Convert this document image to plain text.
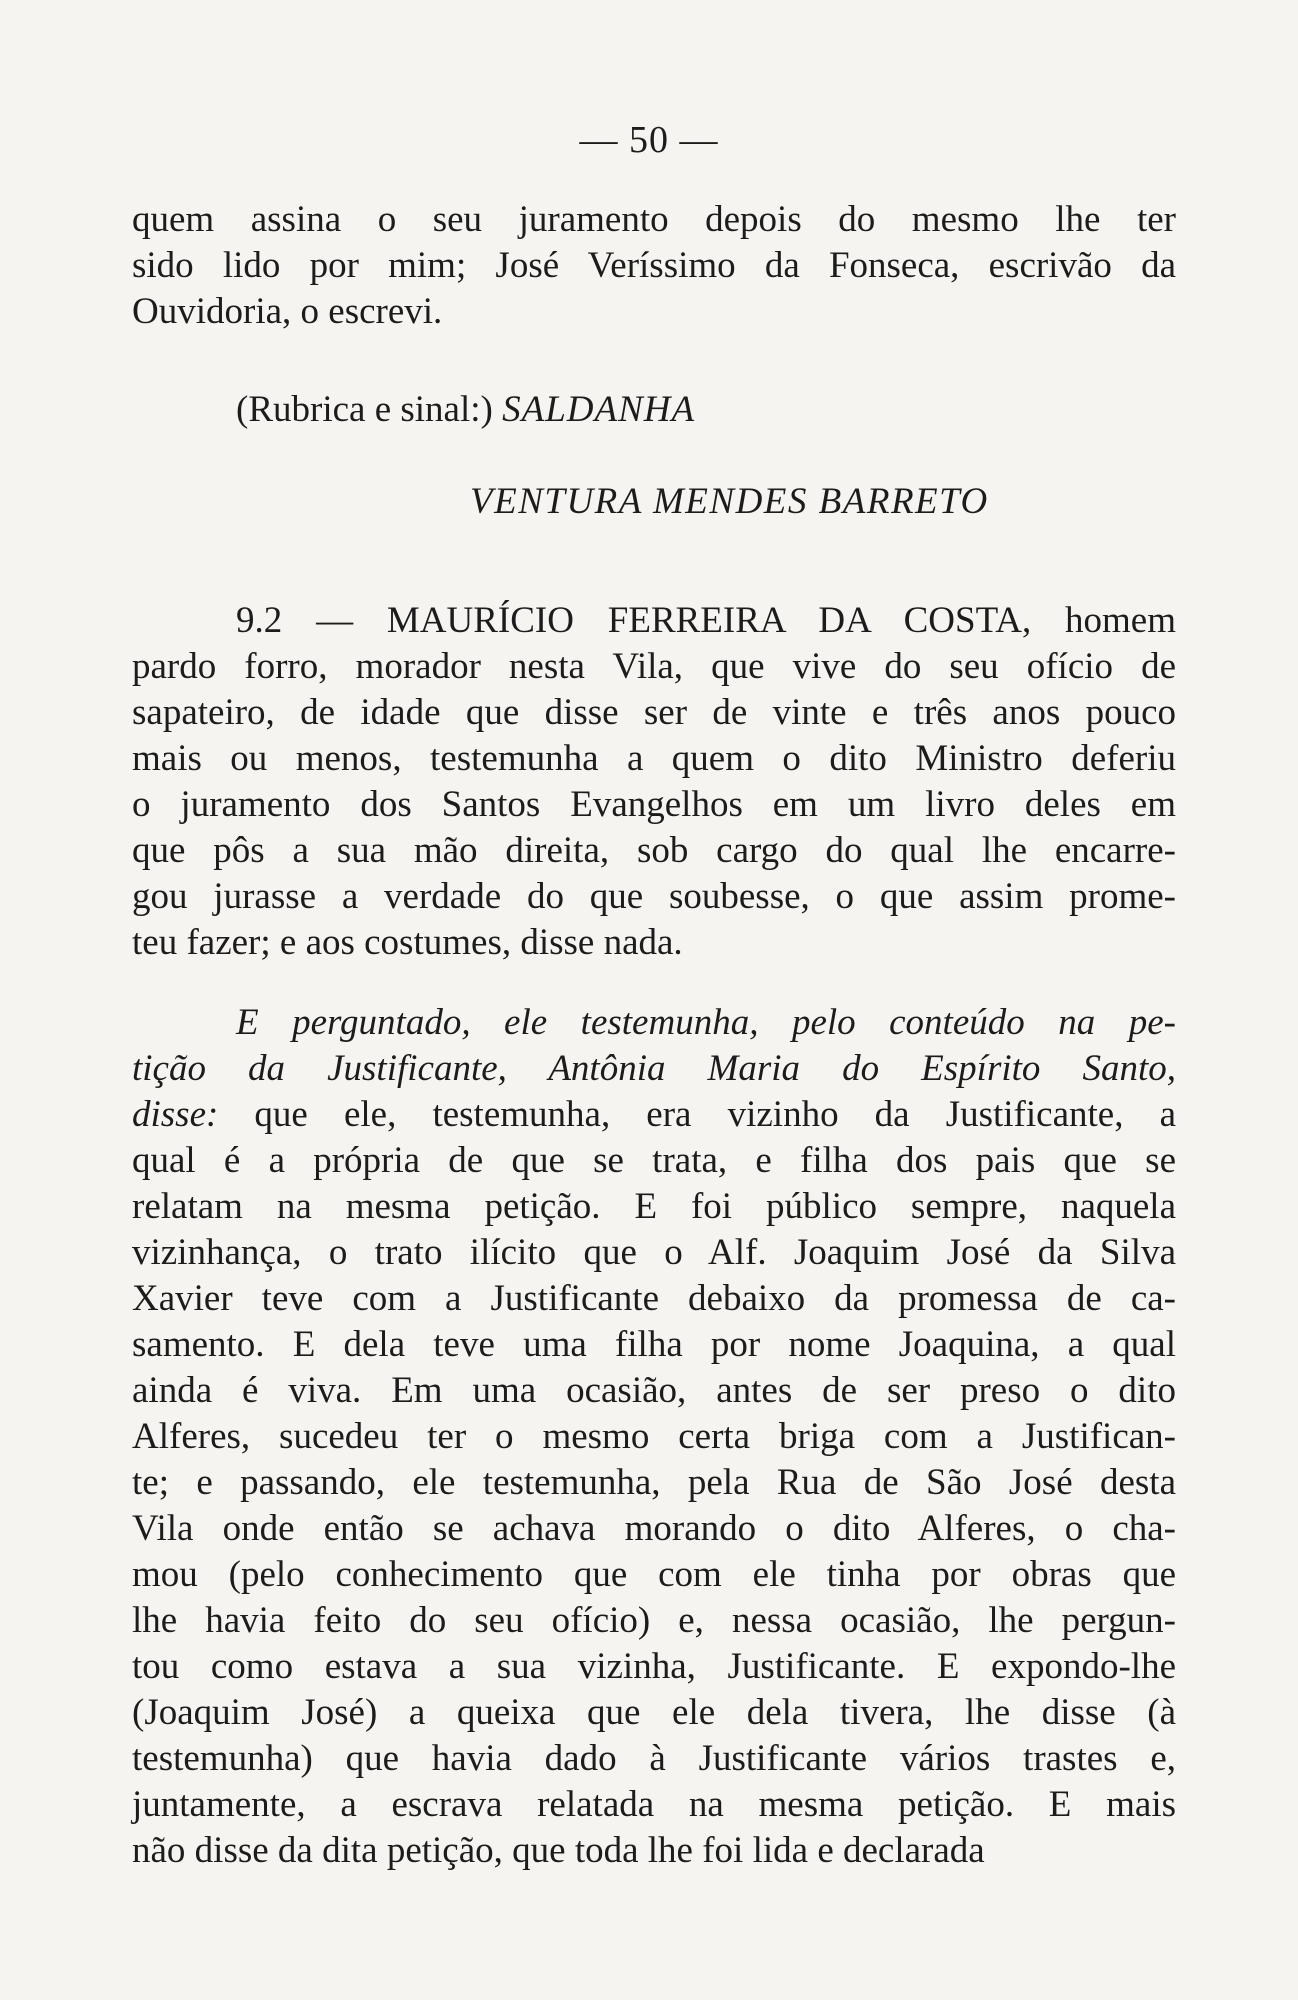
— 50 —
quem assina o seu juramento depois do mesmo lhe ter
sido lido por mim; José Veríssimo da Fonseca, escrivão da
Ouvidoria, o escrevi.
(Rubrica e sinal:) SALDANHA
VENTURA MENDES BARRETO
9.2 — MAURÍCIO FERREIRA DA COSTA, homem
pardo forro, morador nesta Vila, que vive do seu ofício de
sapateiro, de idade que disse ser de vinte e três anos pouco
mais ou menos, testemunha a quem o dito Ministro deferiu
o juramento dos Santos Evangelhos em um livro deles em
que pôs a sua mão direita, sob cargo do qual lhe encarre-
gou jurasse a verdade do que soubesse, o que assim prome-
teu fazer; e aos costumes, disse nada.
E perguntado, ele testemunha, pelo conteúdo na pe-
tição da Justificante, Antônia Maria do Espírito Santo,
disse: que ele, testemunha, era vizinho da Justificante, a
qual é a própria de que se trata, e filha dos pais que se
relatam na mesma petição. E foi público sempre, naquela
vizinhança, o trato ilícito que o Alf. Joaquim José da Silva
Xavier teve com a Justificante debaixo da promessa de ca-
samento. E dela teve uma filha por nome Joaquina, a qual
ainda é viva. Em uma ocasião, antes de ser preso o dito
Alferes, sucedeu ter o mesmo certa briga com a Justifican-
te; e passando, ele testemunha, pela Rua de São José desta
Vila onde então se achava morando o dito Alferes, o cha-
mou (pelo conhecimento que com ele tinha por obras que
lhe havia feito do seu ofício) e, nessa ocasião, lhe pergun-
tou como estava a sua vizinha, Justificante. E expondo-lhe
(Joaquim José) a queixa que ele dela tivera, lhe disse (à
testemunha) que havia dado à Justificante vários trastes e,
juntamente, a escrava relatada na mesma petição. E mais
não disse da dita petição, que toda lhe foi lida e declarada
